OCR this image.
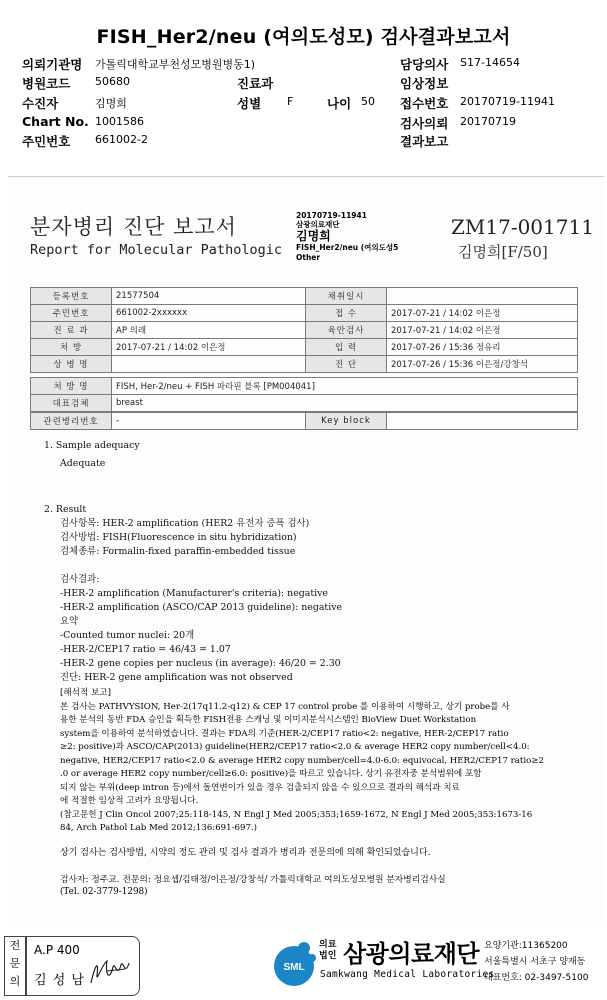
FISH_Her2/neu (여의도성모) 검사결과보고서
의뢰기관명 가톨릭대학교부천성모병원병동1)	담당의사 S17-14654
병원코드 50680	진료과	임상정보
수진자	김명희	성별 F	나이 50 접수번호 20170719-11941
Chart No. 1001586	검사의뢰 20170719
주민번호 661002-2	결과보고
분자병리 진단 보고서
Report for Molecular Pathologic
20170719-11941
삼광의료재단
김명희
FISH_Her2/neu (여의도성5
Other
ZM17-001711
김명희[F/50]
등록번호	21577504	채취일시	
주민번호	661002-2xxxxxx	접 수	2017-07-21 / 14:02 이은정
진 료 과	AP 의래	육안검사	2017-07-21 / 14:02 이은정
처 방	2017-07-21 / 14:02 이은정	입 력	2017-07-26 / 15:36 정유리
상 병 명		진 단	2017-07-26 / 15:36 이은정/강창석
처 방 명	FISH, Her-2/neu + FISH 파라핀 블록 [PM004041]
대표검체	breast
관련병리번호	-	Key block	
1. Sample adequacy
Adequate
2. Result
검사항목: HER-2 amplification (HER2 유전자 증폭 검사)
검사방법: FISH(Fluorescence in situ hybridization)
검체종류: Formalin-fixed paraffin-embedded tissue
검사결과:
-HER-2 amplification (Manufacturer's criteria): negative
-HER-2 amplification (ASCO/CAP 2013 guideline): negative
요약
-Counted tumor nuclei: 20개
-HER-2/CEP17 ratio = 46/43 = 1.07
-HER-2 gene copies per nucleus (in average): 46/20 = 2.30
진단: HER-2 gene amplification was not observed
[해석적 보고]
본 검사는 PATHVYSION, Her-2(17q11.2-q12) & CEP 17 control probe 를 이용하여 시행하고, 상기 probe를 사
용한 분석의 동반 FDA 승인을 획득한 FISH전용 스캐닝 및 이미지분석시스템인 BioView Duet Workstation
system을 이용하여 분석하였습니다. 결과는 FDA의 기준(HER-2/CEP17 ratio<2: negative, HER-2/CEP17 ratio
≥2: positive)과 ASCO/CAP(2013) guideline(HER2/CEP17 ratio<2.0 & average HER2 copy number/cell<4.0:
negative, HER2/CEP17 ratio<2.0 & average HER2 copy number/cell=4.0-6.0: equivocal, HER2/CEP17 ratio≥2
.0 or average HER2 copy number/cell≥6.0: positive)을 따르고 있습니다. 상기 유전자중 분석범위에 포함
되지 않는 부위(deep intron 등)에서 돌연변이가 있을 경우 검출되지 않을 수 있으므로 결과의 해석과 치료
에 적절한 임상적 고려가 요망됩니다.
(참고문헌 J Clin Oncol 2007;25:118-145, N Engl J Med 2005;353;1659-1672, N Engl J Med 2005;353:1673-16
84, Arch Pathol Lab Med 2012;136:691-697.)
상기 검사는 검사방법, 시약의 정도 관리 및 검사 결과가 병리과 전문의에 의해 확인되었습니다.
검사자: 정주교. 전문의: 정요셉/김태정/이은정/강창석/ 가톨릭대학교 여의도성모병원 분자병리검사실
(Tel. 02-3779-1298)
전
문
의
A.P 400
김 성 남
SML
의료
법인 삼광의료재단
Samkwang Medical Laboratories
요양기관:11365200
서울특별시 서초구 양재동
대표번호: 02-3497-5100
